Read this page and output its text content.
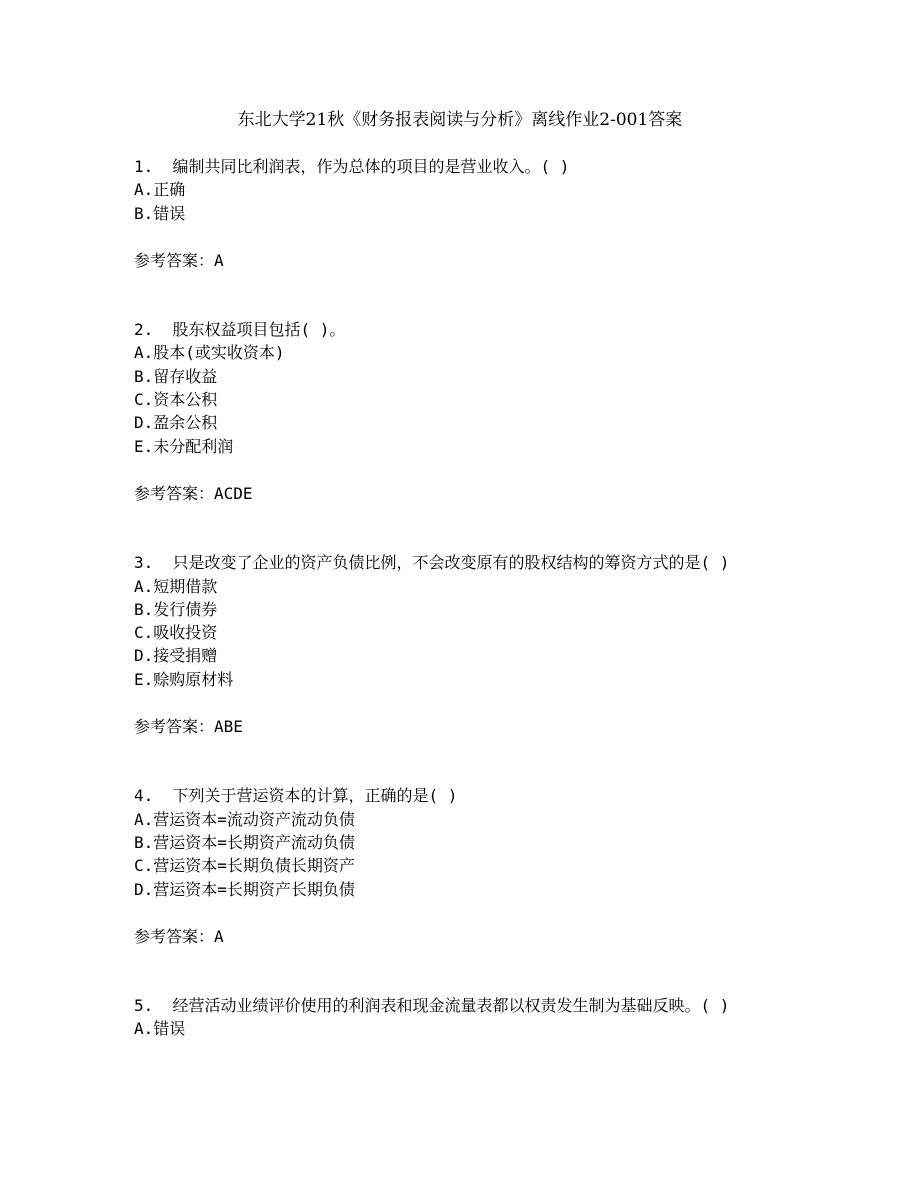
东北大学21秋《财务报表阅读与分析》离线作业2-001答案

1. 编制共同比利润表，作为总体的项目的是营业收入。( )

A.正确

B.错误

参考答案：A

2. 股东权益项目包括( )。

A.股本(或实收资本)

B.留存收益

C.资本公积

D.盈余公积

E.未分配利润

参考答案：ACDE

3. 只是改变了企业的资产负债比例，不会改变原有的股权结构的筹资方式的是( )

A.短期借款

B.发行债券

C.吸收投资

D.接受捐赠

E.赊购原材料

参考答案：ABE

4. 下列关于营运资本的计算，正确的是( )

A.营运资本=流动资产流动负债

B.营运资本=长期资产流动负债

C.营运资本=长期负债长期资产

D.营运资本=长期资产长期负债

参考答案：A

5. 经营活动业绩评价使用的利润表和现金流量表都以权责发生制为基础反映。( )

A.错误
